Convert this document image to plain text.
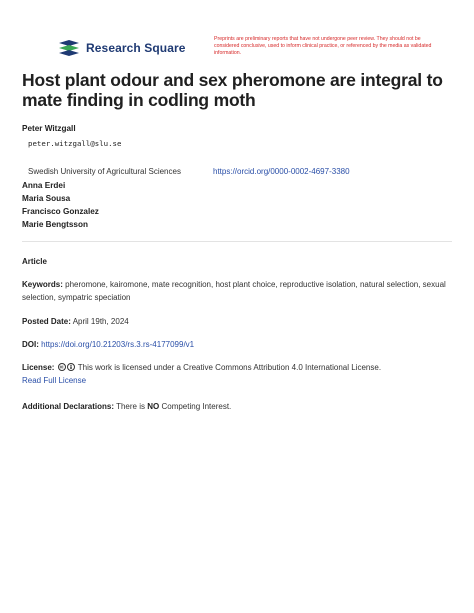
Research Square
Preprints are preliminary reports that have not undergone peer review. They should not be considered conclusive, used to inform clinical practice, or referenced by the media as validated information.
Host plant odour and sex pheromone are integral to mate finding in codling moth
Peter Witzgall
peter.witzgall@slu.se
Swedish University of Agricultural Sciences	https://orcid.org/0000-0002-4697-3380
Anna Erdei
Maria Sousa
Francisco Gonzalez
Marie Bengtsson
Article
Keywords: pheromone, kairomone, mate recognition, host plant choice, reproductive isolation, natural selection, sexual selection, sympatric speciation
Posted Date: April 19th, 2024
DOI: https://doi.org/10.21203/rs.3.rs-4177099/v1
License:	This work is licensed under a Creative Commons Attribution 4.0 International License.
Read Full License
Additional Declarations: There is NO Competing Interest.
